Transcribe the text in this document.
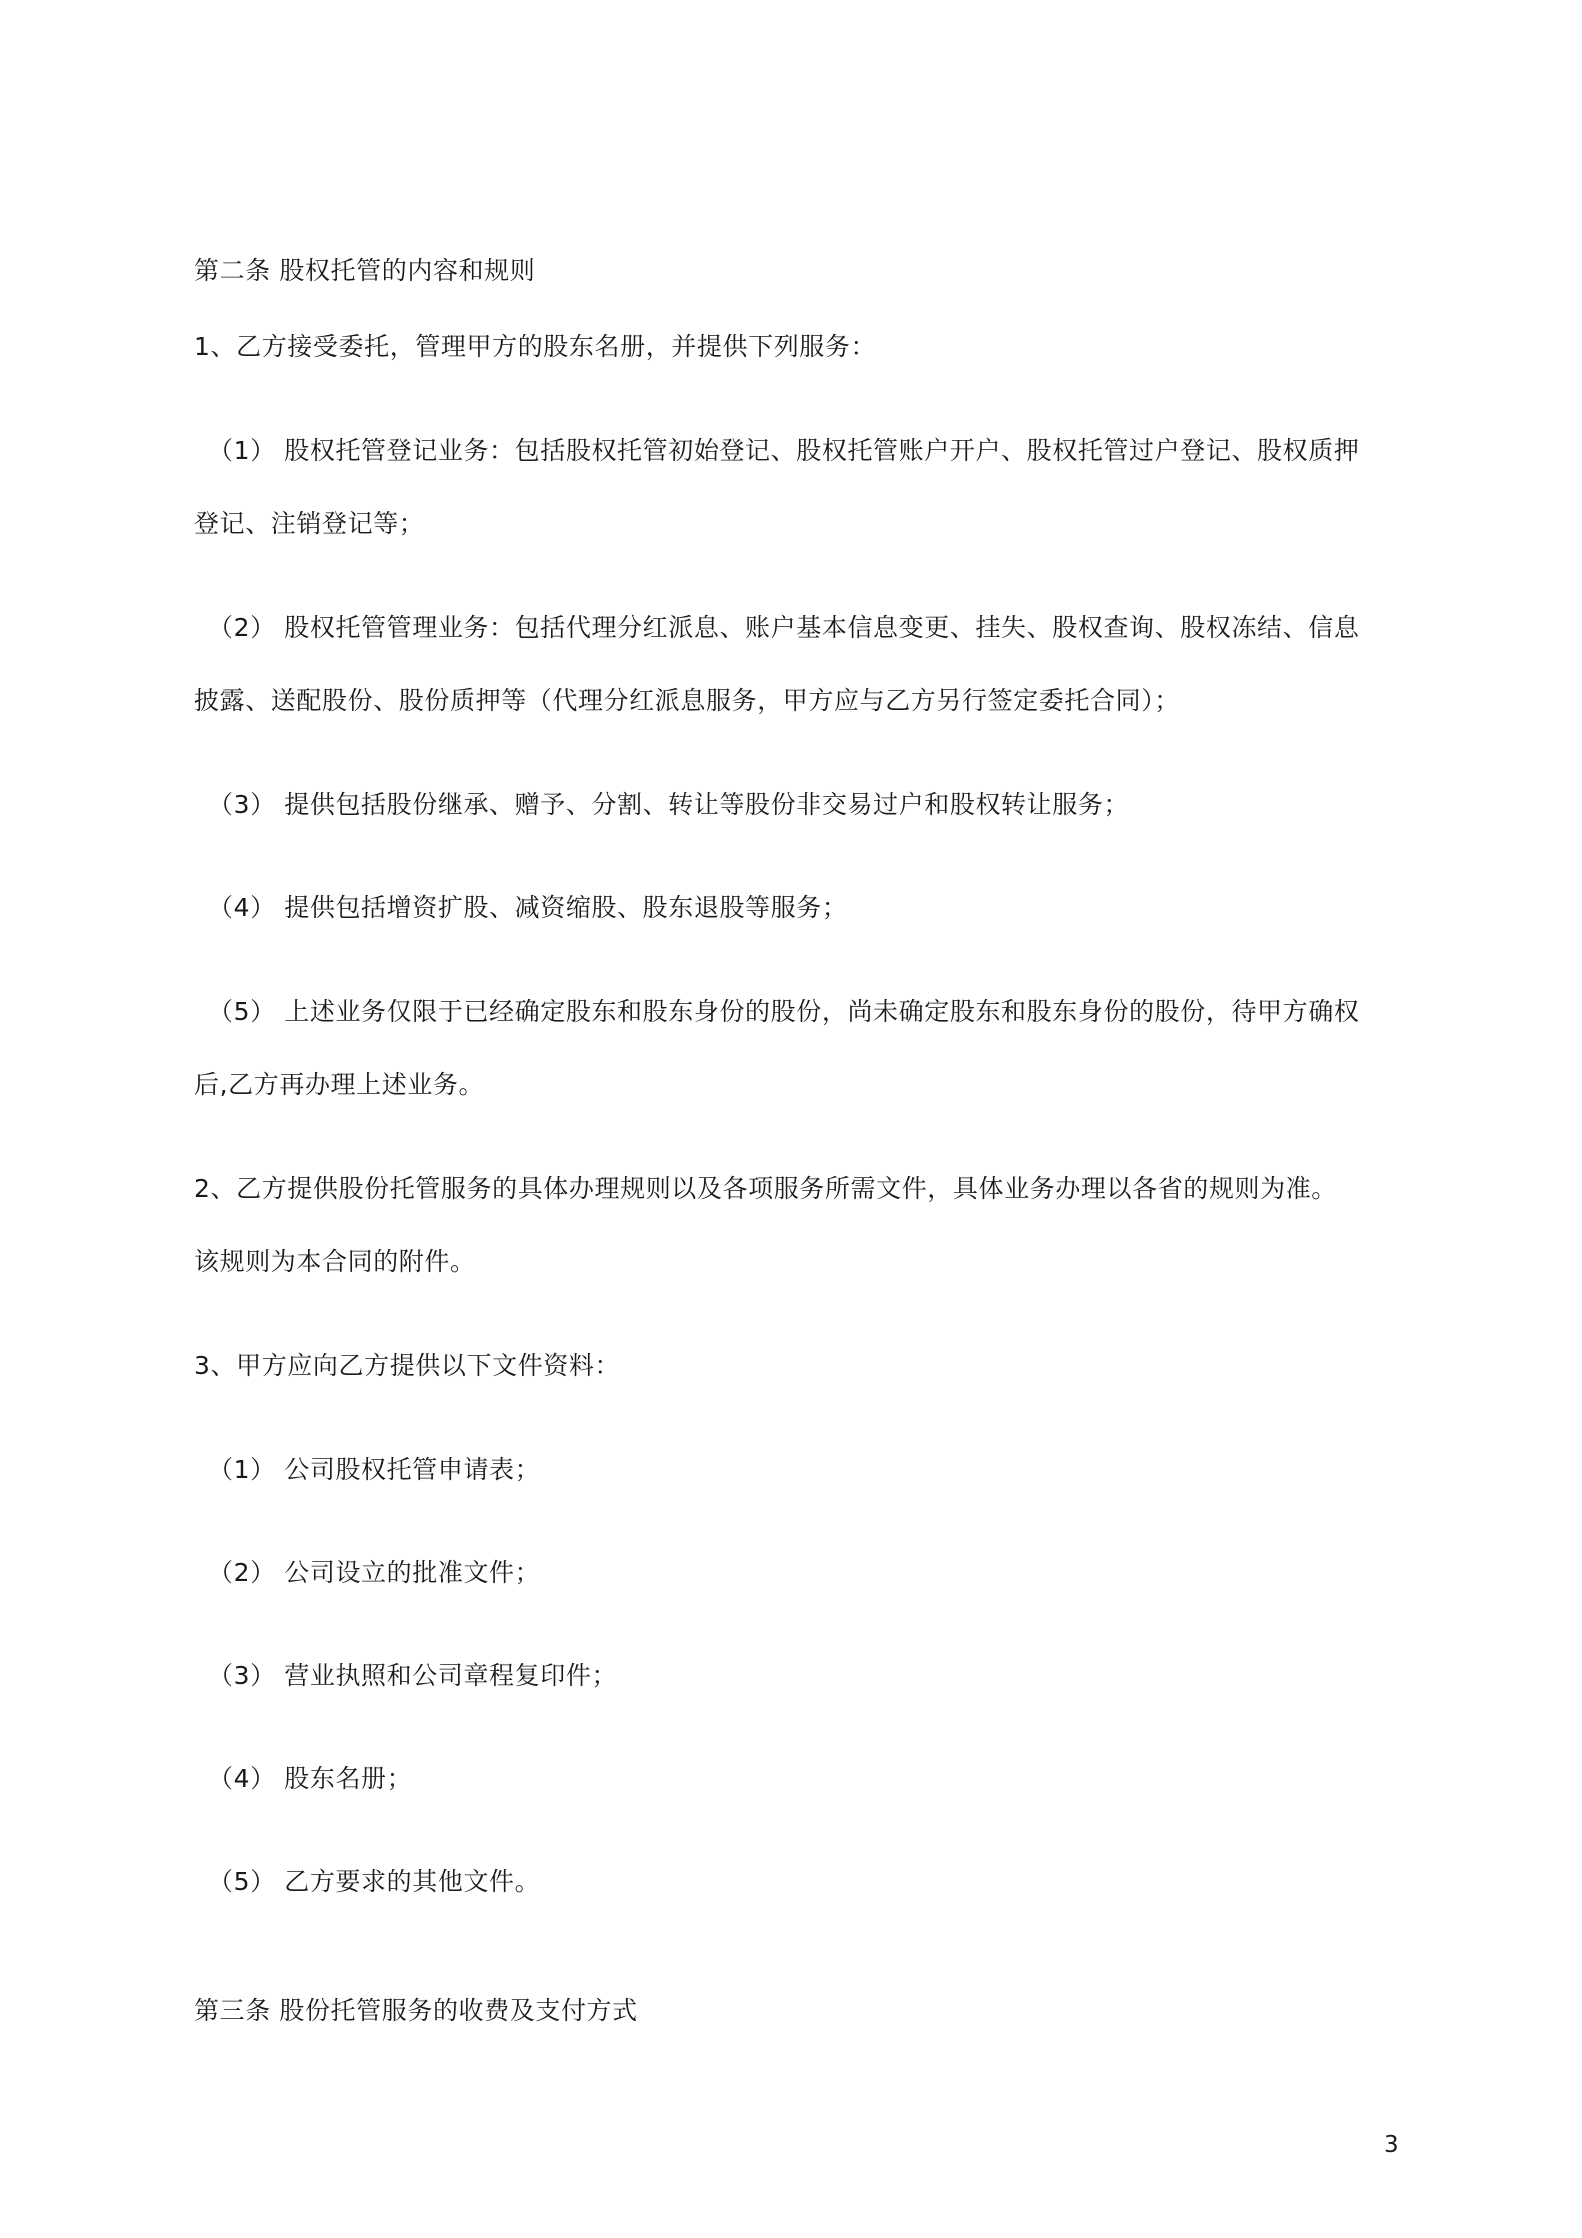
第二条 股权托管的内容和规则
1、乙方接受委托，管理甲方的股东名册，并提供下列服务：
（1） 股权托管登记业务：包括股权托管初始登记、股权托管账户开户、股权托管过户登记、股权质押
登记、注销登记等；
（2） 股权托管管理业务：包括代理分红派息、账户基本信息变更、挂失、股权查询、股权冻结、信息
披露、送配股份、股份质押等（代理分红派息服务，甲方应与乙方另行签定委托合同）；
（3） 提供包括股份继承、赠予、分割、转让等股份非交易过户和股权转让服务；
（4） 提供包括增资扩股、减资缩股、股东退股等服务；
（5） 上述业务仅限于已经确定股东和股东身份的股份，尚未确定股东和股东身份的股份，待甲方确权
后,乙方再办理上述业务。
2、乙方提供股份托管服务的具体办理规则以及各项服务所需文件，具体业务办理以各省的规则为准。
该规则为本合同的附件。
3、甲方应向乙方提供以下文件资料：
（1） 公司股权托管申请表；
（2） 公司设立的批准文件；
（3） 营业执照和公司章程复印件；
（4） 股东名册；
（5） 乙方要求的其他文件。
第三条 股份托管服务的收费及支付方式
3
